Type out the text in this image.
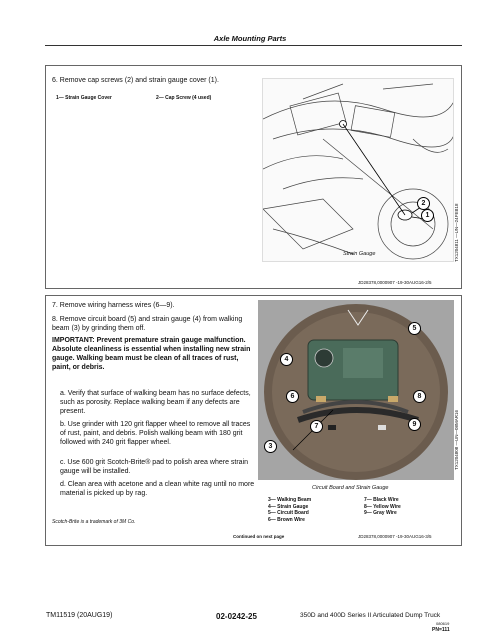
Axle Mounting Parts
6. Remove cap screws (2) and strain gauge cover (1).
1— Strain Gauge Cover	2— Cap Screw (4 used)
2
1
Strain Gauge	TX1204811 —UN—24FEB18
JD28378,0000907 -19-30AUG16-2/5
7. Remove wiring harness wires (6—9).
8. Remove circuit board (5) and strain gauge (4) from walking beam (3) by grinding them off.
IMPORTANT: Prevent premature strain gauge malfunction. Absolute cleanliness is essential when installing new strain gauge. Walking beam must be clean of all traces of rust, paint, or debris.
a. Verify that surface of walking beam has no surface defects, such as porosity. Replace walking beam if any defects are present.
b. Use grinder with 120 grit flapper wheel to remove all traces of rust, paint, and debris. Polish walking beam with 180 grit followed with 240 grit flapper wheel.
c. Use 600 grit Scotch-Brite® pad to polish area where strain gauge will be installed.
d. Clean area with acetone and a clean white rag until no more material is picked up by rag.
5
4
6	8
7	9
3	TX1204808 —UN—08MAR16
Circuit Board and Strain Gauge
3— Walking Beam
4— Strain Gauge
5— Circuit Board
6— Brown Wire
7— Black Wire
8— Yellow Wire
9— Gray Wire
Scotch-Brite is a trademark of 3M Co.
Continued on next page	JD28378,0000907 -19-30AUG16-3/5
TM11519 (20AUG19)	02-0242-25	350D and 400D Series II Articulated Dump Truck
080619
PN=111
